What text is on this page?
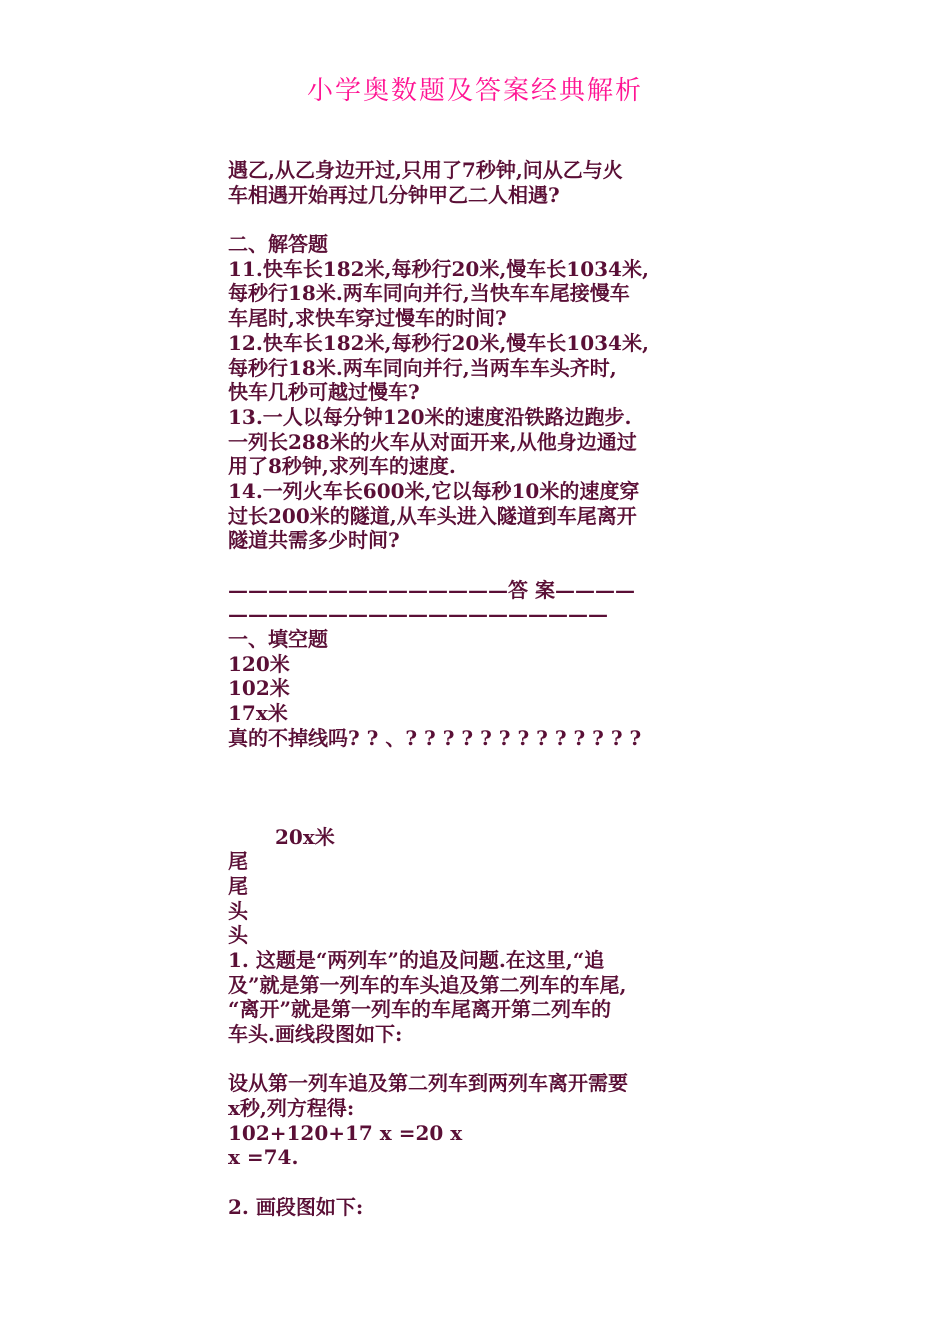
小学奥数题及答案经典解析
遇乙,从乙身边开过,只用了7秒钟,问从乙与火
车相遇开始再过几分钟甲乙二人相遇?
二、解答题
11.快车长182米,每秒行20米,慢车长1034米,
每秒行18米.两车同向并行,当快车车尾接慢车
车尾时,求快车穿过慢车的时间?
12.快车长182米,每秒行20米,慢车长1034米,
每秒行18米.两车同向并行,当两车车头齐时,
快车几秒可越过慢车?
13.一人以每分钟120米的速度沿铁路边跑步.
一列长288米的火车从对面开来,从他身边通过
用了8秒钟,求列车的速度.
14.一列火车长600米,它以每秒10米的速度穿
过长200米的隧道,从车头进入隧道到车尾离开
隧道共需多少时间?
——————————————答 案————
———————————————————
一、填空题
120米
102米
17x米
真的不掉线吗? ? 、? ? ? ? ? ? ? ? ? ? ? ? ?
20x米
尾
尾
头
头
1. 这题是“两列车”的追及问题.在这里,“追
及”就是第一列车的车头追及第二列车的车尾,
“离开”就是第一列车的车尾离开第二列车的
车头.画线段图如下:
设从第一列车追及第二列车到两列车离开需要
x秒,列方程得:
102+120+17 x =20 x
x =74.
2. 画段图如下:
